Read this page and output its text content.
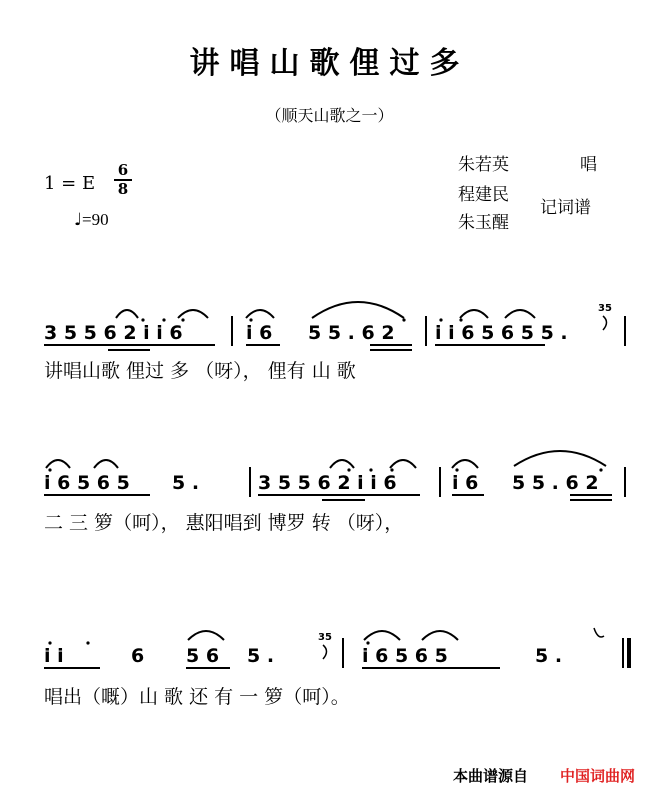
讲唱山歌俚过多
（顺天山歌之一）
1 = E
6
8
♩=90
朱若英	唱
程建民
朱玉醒
记词谱
3 5 5 6 2 i i 6	i 6 5 5 . 6 2 i i 6 5 6 5 5 .
35
讲唱山歌 俚过 多 （呀）， 俚有 山 歌
i 6 5 6 5 5 .	3 5 5 6 2 i i 6	i 6 5 5 . 6 2
二 三 箩（呵）， 惠阳唱到 博罗 转 （呀），
i i	6 5 6 5 .
35
i 6 5 6 5	5 .
唱出（嘅）山 歌 还 有 一 箩（呵）。
本曲谱源自 中国词曲网
